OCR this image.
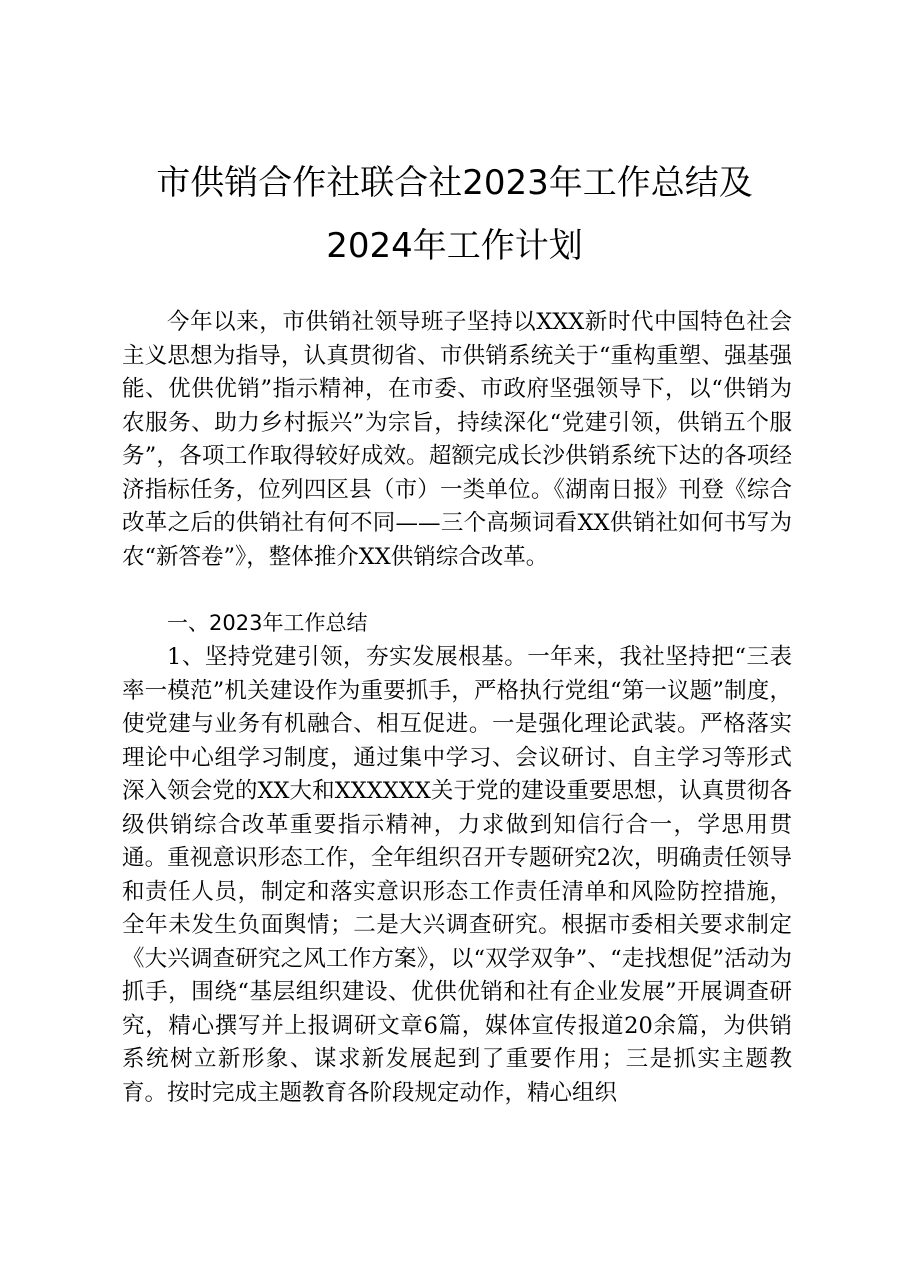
市供销合作社联合社2023年工作总结及
2024年工作计划
今年以来，市供销社领导班子坚持以XXX新时代中国特色社会主义思想为指导，认真贯彻省、市供销系统关于“重构重塑、强基强能、优供优销”指示精神，在市委、市政府坚强领导下，以“供销为农服务、助力乡村振兴”为宗旨，持续深化“党建引领，供销五个服务”，各项工作取得较好成效。超额完成长沙供销系统下达的各项经济指标任务，位列四区县（市）一类单位。《湖南日报》刊登《综合改革之后的供销社有何不同——三个高频词看XX供销社如何书写为农“新答卷”》，整体推介XX供销综合改革。
一、2023年工作总结
1、坚持党建引领，夯实发展根基。一年来，我社坚持把“三表率一模范”机关建设作为重要抓手，严格执行党组“第一议题”制度，使党建与业务有机融合、相互促进。一是强化理论武装。严格落实理论中心组学习制度，通过集中学习、会议研讨、自主学习等形式深入领会党的XX大和XXXXXX关于党的建设重要思想，认真贯彻各级供销综合改革重要指示精神，力求做到知信行合一，学思用贯通。重视意识形态工作，全年组织召开专题研究2次，明确责任领导和责任人员，制定和落实意识形态工作责任清单和风险防控措施，全年未发生负面舆情；二是大兴调查研究。根据市委相关要求制定《大兴调查研究之风工作方案》，以“双学双争”、“走找想促”活动为抓手，围绕“基层组织建设、优供优销和社有企业发展”开展调查研究，精心撰写并上报调研文章6篇，媒体宣传报道20余篇，为供销系统树立新形象、谋求新发展起到了重要作用；三是抓实主题教育。按时完成主题教育各阶段规定动作，精心组织
